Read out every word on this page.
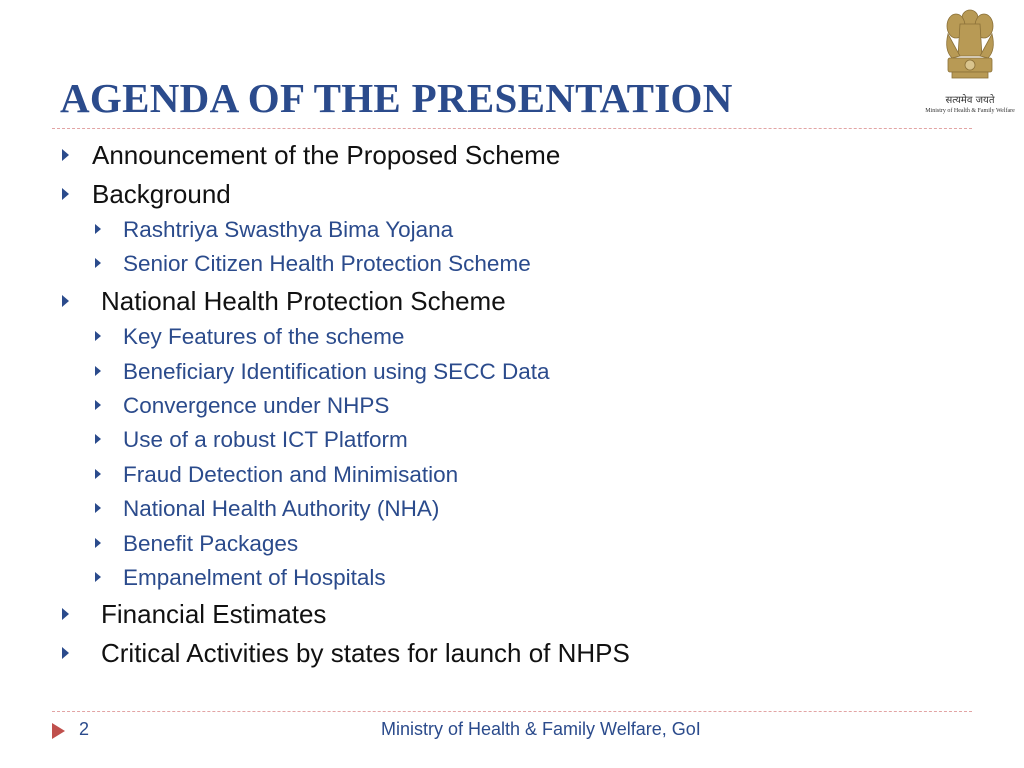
AGENDA OF THE PRESENTATION	सत्यमेव जयते
Ministry of Health & Family Welfare
Announcement of the Proposed Scheme
Background
Rashtriya Swasthya Bima Yojana
Senior Citizen Health Protection Scheme
National Health Protection Scheme
Key Features of the scheme
Beneficiary Identification using SECC Data
Convergence under NHPS
Use of a robust ICT Platform
Fraud Detection and Minimisation
National Health Authority (NHA)
Benefit Packages
Empanelment of Hospitals
Financial Estimates
Critical Activities by states for launch of NHPS
2	Ministry of Health & Family Welfare, GoI
